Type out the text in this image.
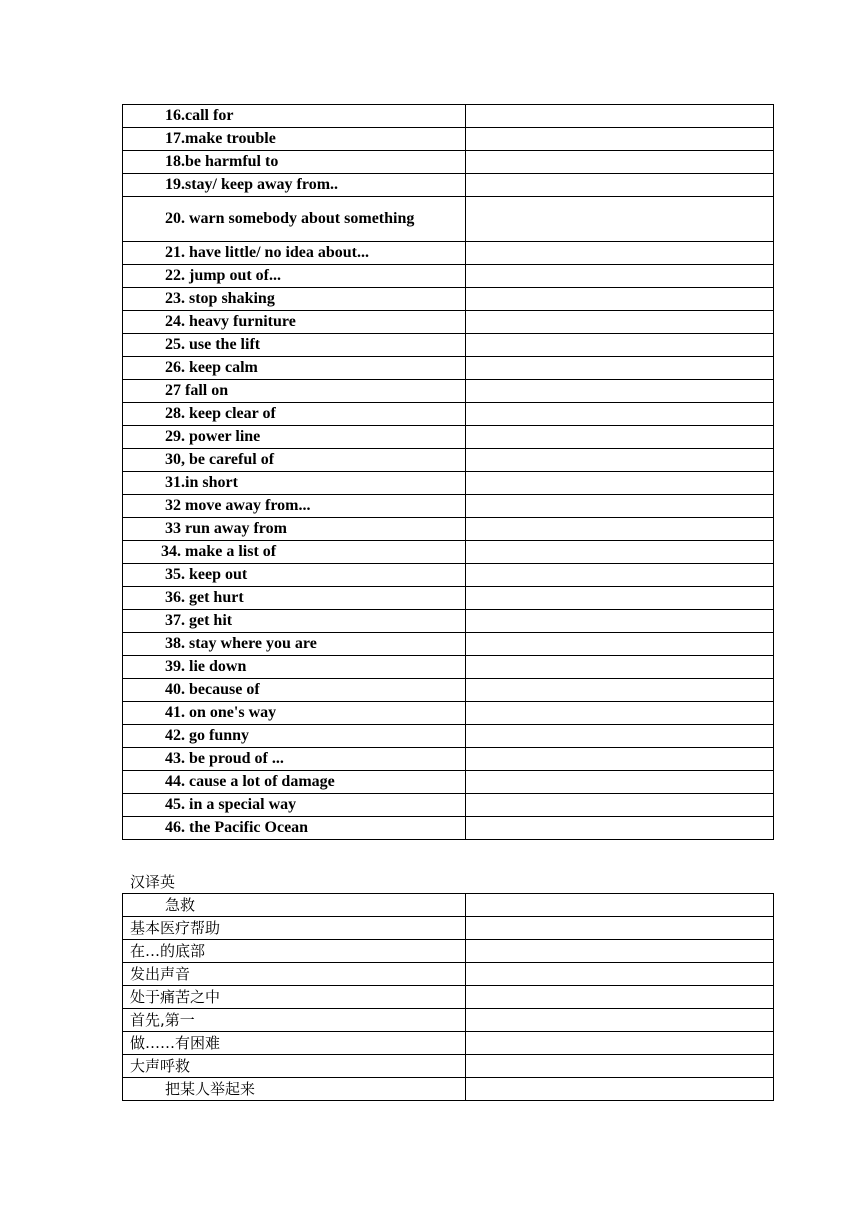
16.call for	
17.make trouble	
18.be harmful to	
19.stay/ keep away from..	
20. warn somebody about something	
21. have little/ no idea about...	
22. jump out of...	
23. stop shaking	
24. heavy furniture	
25. use the lift	
26. keep calm	
27 fall on	
28. keep clear of	
29. power line	
30, be careful of	
31.in short	
32 move away from...	
33 run away from	
34. make a list of	
35. keep out	
36. get hurt	
37. get hit	
38. stay where you are	
39. lie down	
40. because of	
41. on one's way	
42. go funny	
43. be proud of ...	
44. cause a lot of damage	
45. in a special way	
46. the Pacific Ocean	
汉译英
急救	
基本医疗帮助	
在…的底部	
发出声音	
处于痛苦之中	
首先,第一	
做……有困难	
大声呼救	
把某人举起来	
